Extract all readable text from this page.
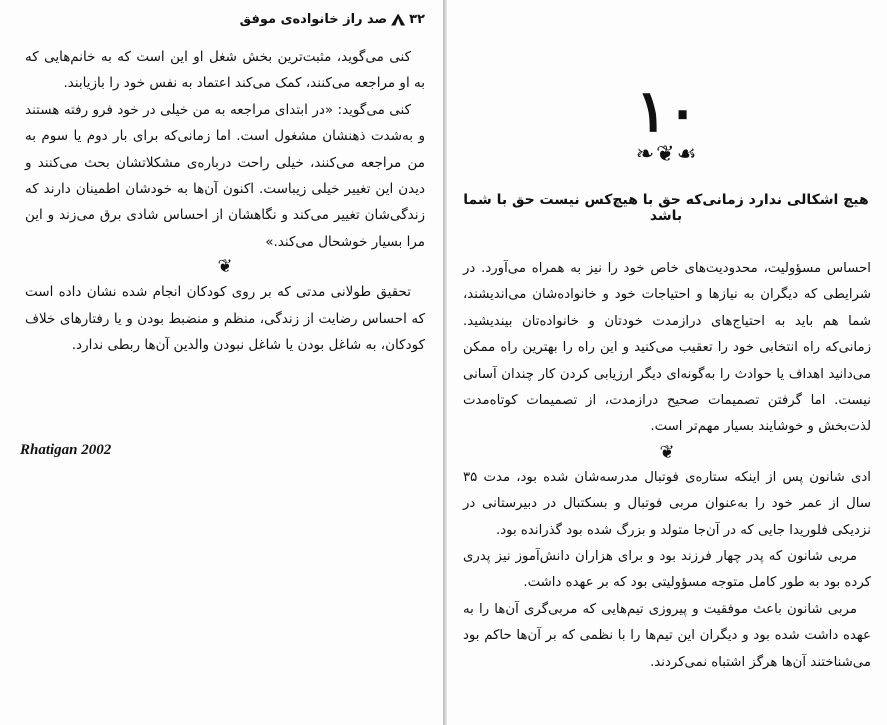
۳۲
صد راز خانواده‌ی موفق

کنی می‌گوید، مثبت‌ترین بخش شغل او این است که به خانم‌هایی که به او مراجعه می‌کنند، کمک می‌کند اعتماد به نفس خود را بازیابند.

کنی می‌گوید: «در ابتدای مراجعه به من خیلی در خود فرو رفته هستند و به‌شدت ذهنشان مشغول است. اما زمانی‌که برای بار دوم یا سوم به من مراجعه می‌کنند، خیلی راحت درباره‌ی مشکلاتشان بحث می‌کنند و دیدن این تغییر خیلی زیباست. اکنون آن‌ها به خودشان اطمینان دارند که زندگی‌شان تغییر می‌کند و نگاهشان از احساس شادی برق می‌زند و این مرا بسیار خوشحال می‌کند.»

❦

تحقیق طولانی مدتی که بر روی کودکان انجام شده نشان داده است که احساس رضایت از زندگی، منظم و منضبط بودن و یا رفتارهای خلاف کودکان، به شاغل بودن یا شاغل نبودن والدین آن‌ها ربطی ندارد.

Rhatigan 2002
۱۰
❧❦☙
هیچ اشکالی ندارد زمانی‌که حق با هیچ‌کس نیست حق با شما باشد

احساس مسؤولیت، محدودیت‌های خاص خود را نیز به همراه می‌آورد. در شرایطی که دیگران به نیازها و احتیاجات خود و خانواده‌شان می‌اندیشند، شما هم باید به احتیاج‌های درازمدت خودتان و خانواده‌تان بیندیشید. زمانی‌که راه انتخابی خود را تعقیب می‌کنید و این راه را بهترین راه ممکن می‌دانید اهداف یا حوادث را به‌گونه‌ای دیگر ارزیابی کردن کار چندان آسانی نیست. اما گرفتن تصمیمات صحیح درازمدت، از تصمیمات کوتاه‌مدت لذت‌بخش و خوشایند بسیار مهم‌تر است.

❦

ادی شانون پس از اینکه ستاره‌ی فوتبال مدرسه‌شان شده بود، مدت ۳۵ سال از عمر خود را به‌عنوان مربی فوتبال و بسکتبال در دبیرستانی در نزدیکی فلوریدا جایی که در آن‌جا متولد و بزرگ شده بود گذرانده بود.

مربی شانون که پدر چهار فرزند بود و برای هزاران دانش‌آموز نیز پدری کرده بود به طور کامل متوجه مسؤولیتی بود که بر عهده داشت.

مربی شانون باعث موفقیت و پیروزی تیم‌هایی که مربی‌گری آن‌ها را به عهده داشت شده بود و دیگران این تیم‌ها را با نظمی که بر آن‌ها حاکم بود می‌شناختند آن‌ها هرگز اشتباه نمی‌کردند.
